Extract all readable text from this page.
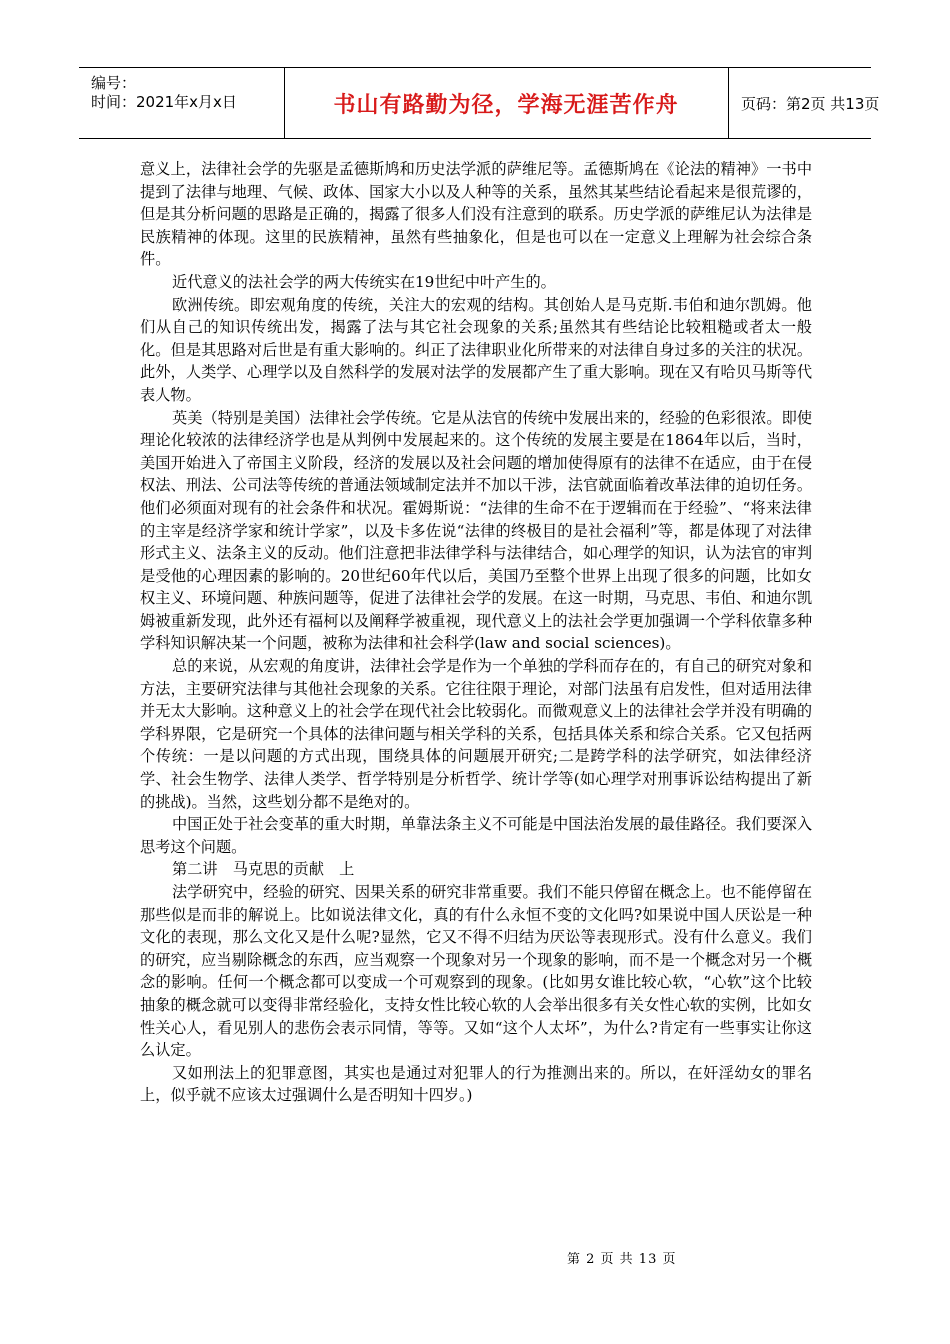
编号：
时间：2021年x月x日	书山有路勤为径，学海无涯苦作舟	页码：第2页 共13页

意义上，法律社会学的先驱是孟德斯鸠和历史法学派的萨维尼等。孟德斯鸠在《论法的精神》一书中提到了法律与地理、气候、政体、国家大小以及人种等的关系，虽然其某些结论看起来是很荒谬的，但是其分析问题的思路是正确的，揭露了很多人们没有注意到的联系。历史学派的萨维尼认为法律是民族精神的体现。这里的民族精神，虽然有些抽象化，但是也可以在一定意义上理解为社会综合条件。

近代意义的法社会学的两大传统实在19世纪中叶产生的。

欧洲传统。即宏观角度的传统，关注大的宏观的结构。其创始人是马克斯.韦伯和迪尔凯姆。他们从自己的知识传统出发，揭露了法与其它社会现象的关系;虽然其有些结论比较粗糙或者太一般化。但是其思路对后世是有重大影响的。纠正了法律职业化所带来的对法律自身过多的关注的状况。此外，人类学、心理学以及自然科学的发展对法学的发展都产生了重大影响。现在又有哈贝马斯等代表人物。

英美（特别是美国）法律社会学传统。它是从法官的传统中发展出来的，经验的色彩很浓。即使理论化较浓的法律经济学也是从判例中发展起来的。这个传统的发展主要是在1864年以后，当时，美国开始进入了帝国主义阶段，经济的发展以及社会问题的增加使得原有的法律不在适应，由于在侵权法、刑法、公司法等传统的普通法领域制定法并不加以干涉，法官就面临着改革法律的迫切任务。他们必须面对现有的社会条件和状况。霍姆斯说：“法律的生命不在于逻辑而在于经验”、“将来法律的主宰是经济学家和统计学家”，以及卡多佐说“法律的终极目的是社会福利”等，都是体现了对法律形式主义、法条主义的反动。他们注意把非法律学科与法律结合，如心理学的知识，认为法官的审判是受他的心理因素的影响的。20世纪60年代以后，美国乃至整个世界上出现了很多的问题，比如女权主义、环境问题、种族问题等，促进了法律社会学的发展。在这一时期，马克思、韦伯、和迪尔凯姆被重新发现，此外还有福柯以及阐释学被重视，现代意义上的法社会学更加强调一个学科依靠多种学科知识解决某一个问题，被称为法律和社会科学(law and social sciences)。

总的来说，从宏观的角度讲，法律社会学是作为一个单独的学科而存在的，有自己的研究对象和方法，主要研究法律与其他社会现象的关系。它往往限于理论，对部门法虽有启发性，但对适用法律并无太大影响。这种意义上的社会学在现代社会比较弱化。而微观意义上的法律社会学并没有明确的学科界限，它是研究一个具体的法律问题与相关学科的关系，包括具体关系和综合关系。它又包括两个传统：一是以问题的方式出现，围绕具体的问题展开研究;二是跨学科的法学研究，如法律经济学、社会生物学、法律人类学、哲学特别是分析哲学、统计学等(如心理学对刑事诉讼结构提出了新的挑战)。当然，这些划分都不是绝对的。

中国正处于社会变革的重大时期，单靠法条主义不可能是中国法治发展的最佳路径。我们要深入思考这个问题。

第二讲　马克思的贡献　上

法学研究中，经验的研究、因果关系的研究非常重要。我们不能只停留在概念上。也不能停留在那些似是而非的解说上。比如说法律文化，真的有什么永恒不变的文化吗?如果说中国人厌讼是一种文化的表现，那么文化又是什么呢?显然，它又不得不归结为厌讼等表现形式。没有什么意义。我们的研究，应当剔除概念的东西，应当观察一个现象对另一个现象的影响，而不是一个概念对另一个概念的影响。任何一个概念都可以变成一个可观察到的现象。(比如男女谁比较心软，“心软”这个比较抽象的概念就可以变得非常经验化，支持女性比较心软的人会举出很多有关女性心软的实例，比如女性关心人，看见别人的悲伤会表示同情，等等。又如“这个人太坏”，为什么?肯定有一些事实让你这么认定。

又如刑法上的犯罪意图，其实也是通过对犯罪人的行为推测出来的。所以，在奸淫幼女的罪名上，似乎就不应该太过强调什么是否明知十四岁。)

第 2 页 共 13 页
